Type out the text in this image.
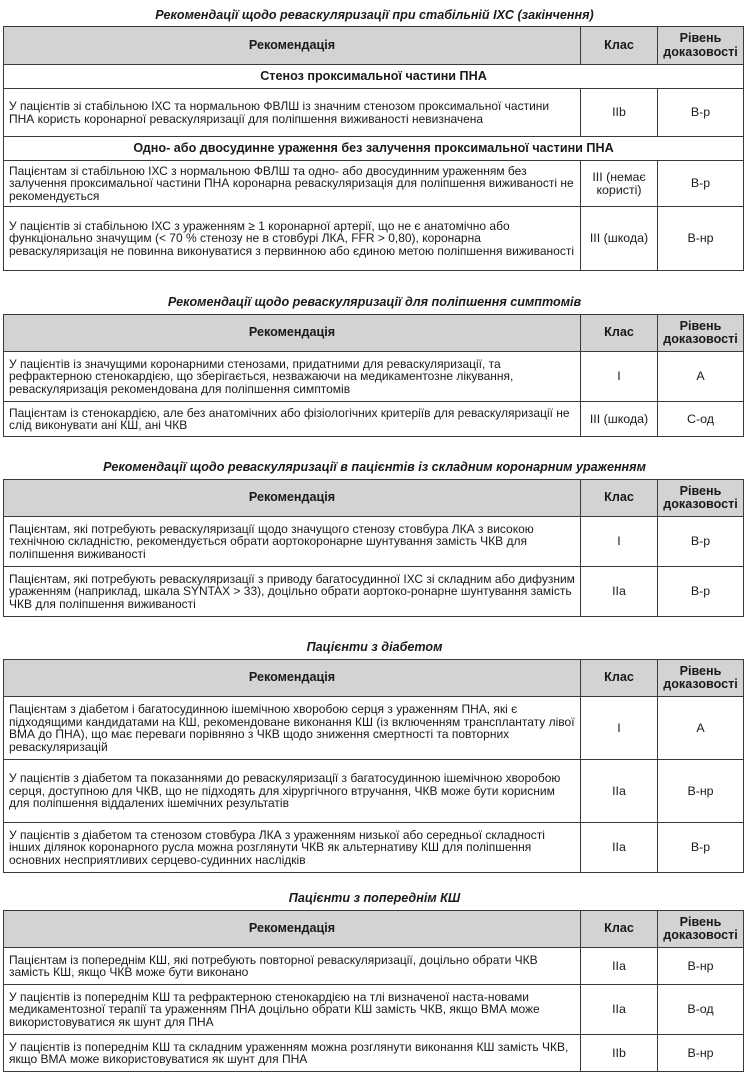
Рекомендації щодо реваскуляризації при стабільній ІХС (закінчення)
Рекомендація	Клас	Рівень доказовості
Стеноз проксимальної частини ПНА		
У пацієнтів зі стабільною ІХС та нормальною ФВЛШ із значним стенозом проксимальної частини ПНА користь коронарної реваскуляризації для поліпшення виживаності невизначена	IIb	B-р
Одно- або двосудинне ураження без залучення проксимальної частини ПНА		
Пацієнтам зі стабільною ІХС з нормальною ФВЛШ та одно- або двосудинним ураженням без залучення проксимальної частини ПНА коронарна реваскуляризація для поліпшення виживаності не рекомендується	III (немає користі)	B-р
У пацієнтів зі стабільною ІХС з ураженням ≥ 1 коронарної артерії, що не є анатомічно або функціонально значущим (< 70 % стенозу не в стовбурі ЛКА, FFR > 0,80), коронарна реваскуляризація не повинна виконуватися з первинною або єдиною метою поліпшення виживаності	III (шкода)	B-нр
Рекомендації щодо реваскуляризації для поліпшення симптомів
Рекомендація	Клас	Рівень доказовості
У пацієнтів із значущими коронарними стенозами, придатними для реваскуляризації, та рефрактерною стенокардією, що зберігається, незважаючи на медикаментозне лікування, реваскуляризація рекомендована для поліпшення симптомів	I	A
Пацієнтам із стенокардією, але без анатомічних або фізіологічних критеріїв для реваскуляризації не слід виконувати ані КШ, ані ЧКВ	III (шкода)	C-од
Рекомендації щодо реваскуляризації в пацієнтів із складним коронарним ураженням
Рекомендація	Клас	Рівень доказовості
Пацієнтам, які потребують реваскуляризації щодо значущого стенозу стовбура ЛКА з високою технічною складністю, рекомендується обрати аортокоронарне шунтування замість ЧКВ для поліпшення виживаності	I	B-р
Пацієнтам, які потребують реваскуляризації з приводу багатосудинної ІХС зі складним або дифузним ураженням (наприклад, шкала SYNTAX > 33), доцільно обрати аортоко-ронарне шунтування замість ЧКВ для поліпшення виживаності	IIa	B-р
Пацієнти з діабетом
Рекомендація	Клас	Рівень доказовості
Пацієнтам з діабетом і багатосудинною ішемічною хворобою серця з ураженням ПНА, які є підходящими кандидатами на КШ, рекомендоване виконання КШ (із включенням трансплантату лівої ВМА до ПНА), що має переваги порівняно з ЧКВ щодо зниження смертності та повторних реваскуляризацій	I	A
У пацієнтів з діабетом та показаннями до реваскуляризації з багатосудинною ішемічною хворобою серця, доступною для ЧКВ, що не підходять для хірургічного втручання, ЧКВ може бути корисним для поліпшення віддалених ішемічних результатів	IIa	B-нр
У пацієнтів з діабетом та стенозом стовбура ЛКА з ураженням низької або середньої складності інших ділянок коронарного русла можна розглянути ЧКВ як альтернативу КШ для поліпшення основних несприятливих серцево-судинних наслідків	IIa	B-р
Пацієнти з попереднім КШ
Рекомендація	Клас	Рівень доказовості
Пацієнтам із попереднім КШ, які потребують повторної реваскуляризації, доцільно обрати ЧКВ замість КШ, якщо ЧКВ може бути виконано	IIa	B-нр
У пацієнтів із попереднім КШ та рефрактерною стенокардією на тлі визначеної наста-новами медикаментозної терапії та ураженням ПНА доцільно обрати КШ замість ЧКВ, якщо ВМА може використовуватися як шунт для ПНА	IIa	B-од
У пацієнтів із попереднім КШ та складним ураженням можна розглянути виконання КШ замість ЧКВ, якщо ВМА може використовуватися як шунт для ПНА	IIb	B-нр
